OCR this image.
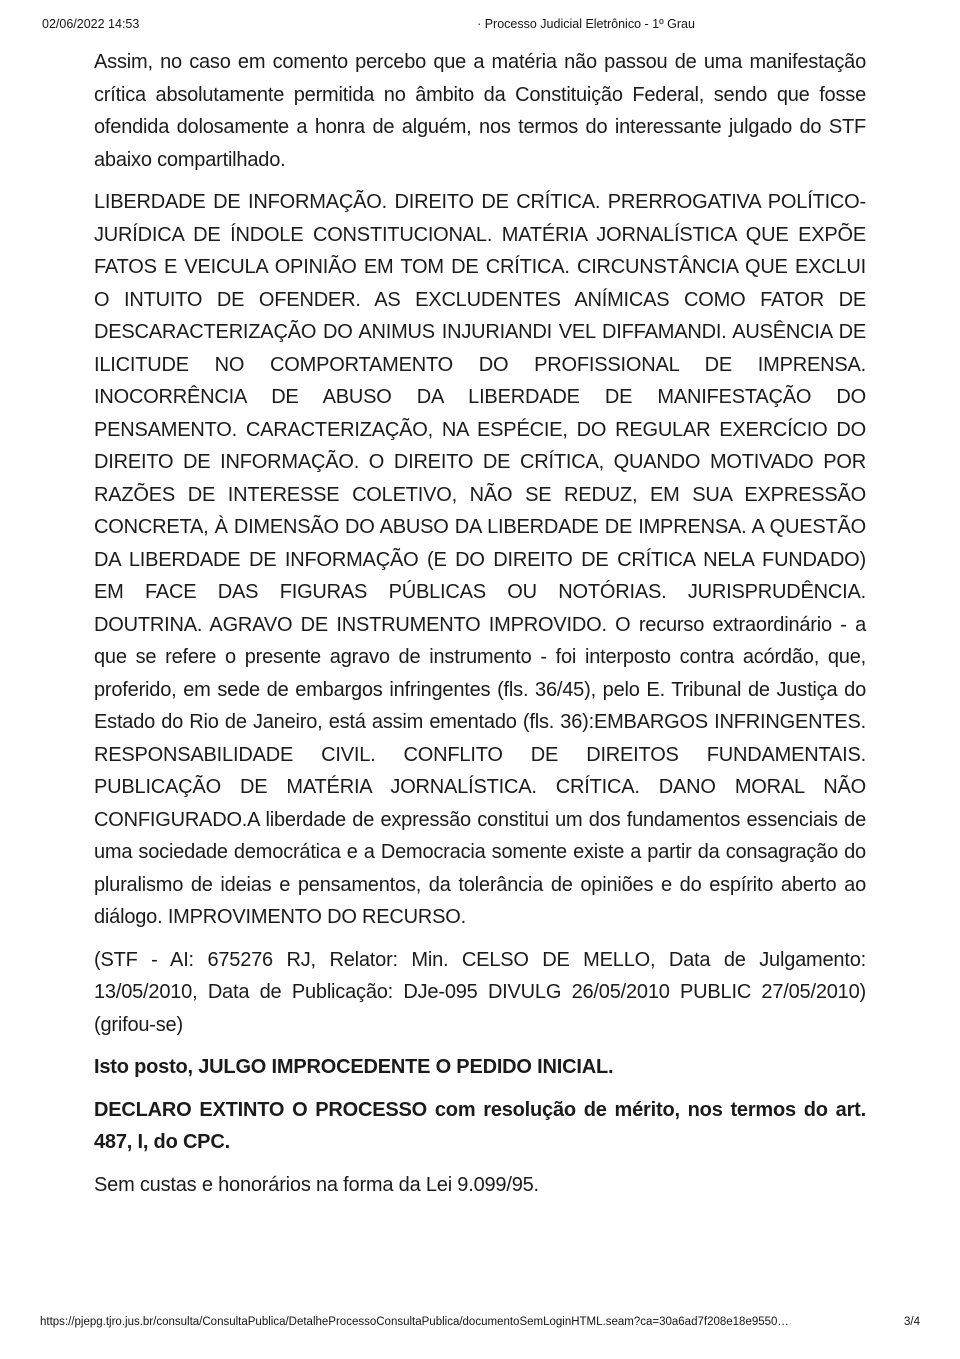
02/06/2022 14:53	· Processo Judicial Eletrônico - 1º Grau

Assim, no caso em comento percebo que a matéria não passou de uma manifestação crítica absolutamente permitida no âmbito da Constituição Federal, sendo que fosse ofendida dolosamente a honra de alguém, nos termos do interessante julgado do STF abaixo compartilhado.

LIBERDADE DE INFORMAÇÃO. DIREITO DE CRÍTICA. PRERROGATIVA POLÍTICO-JURÍDICA DE ÍNDOLE CONSTITUCIONAL. MATÉRIA JORNALÍSTICA QUE EXPÕE FATOS E VEICULA OPINIÃO EM TOM DE CRÍTICA. CIRCUNSTÂNCIA QUE EXCLUI O INTUITO DE OFENDER. AS EXCLUDENTES ANÍMICAS COMO FATOR DE DESCARACTERIZAÇÃO DO ANIMUS INJURIANDI VEL DIFFAMANDI. AUSÊNCIA DE ILICITUDE NO COMPORTAMENTO DO PROFISSIONAL DE IMPRENSA. INOCORRÊNCIA DE ABUSO DA LIBERDADE DE MANIFESTAÇÃO DO PENSAMENTO. CARACTERIZAÇÃO, NA ESPÉCIE, DO REGULAR EXERCÍCIO DO DIREITO DE INFORMAÇÃO. O DIREITO DE CRÍTICA, QUANDO MOTIVADO POR RAZÕES DE INTERESSE COLETIVO, NÃO SE REDUZ, EM SUA EXPRESSÃO CONCRETA, À DIMENSÃO DO ABUSO DA LIBERDADE DE IMPRENSA. A QUESTÃO DA LIBERDADE DE INFORMAÇÃO (E DO DIREITO DE CRÍTICA NELA FUNDADO) EM FACE DAS FIGURAS PÚBLICAS OU NOTÓRIAS. JURISPRUDÊNCIA. DOUTRINA. AGRAVO DE INSTRUMENTO IMPROVIDO. O recurso extraordinário - a que se refere o presente agravo de instrumento - foi interposto contra acórdão, que, proferido, em sede de embargos infringentes (fls. 36/45), pelo E. Tribunal de Justiça do Estado do Rio de Janeiro, está assim ementado (fls. 36):EMBARGOS INFRINGENTES. RESPONSABILIDADE CIVIL. CONFLITO DE DIREITOS FUNDAMENTAIS. PUBLICAÇÃO DE MATÉRIA JORNALÍSTICA. CRÍTICA. DANO MORAL NÃO CONFIGURADO.A liberdade de expressão constitui um dos fundamentos essenciais de uma sociedade democrática e a Democracia somente existe a partir da consagração do pluralismo de ideias e pensamentos, da tolerância de opiniões e do espírito aberto ao diálogo. IMPROVIMENTO DO RECURSO.

(STF - AI: 675276 RJ, Relator: Min. CELSO DE MELLO, Data de Julgamento: 13/05/2010, Data de Publicação: DJe-095 DIVULG 26/05/2010 PUBLIC 27/05/2010) (grifou-se)

Isto posto, JULGO IMPROCEDENTE O PEDIDO INICIAL.

DECLARO EXTINTO O PROCESSO com resolução de mérito, nos termos do art. 487, I, do CPC.

Sem custas e honorários na forma da Lei 9.099/95.

https://pjepg.tjro.jus.br/consulta/ConsultaPublica/DetalheProcessoConsultaPublica/documentoSemLoginHTML.seam?ca=30a6ad7f208e18e9550…	3/4
